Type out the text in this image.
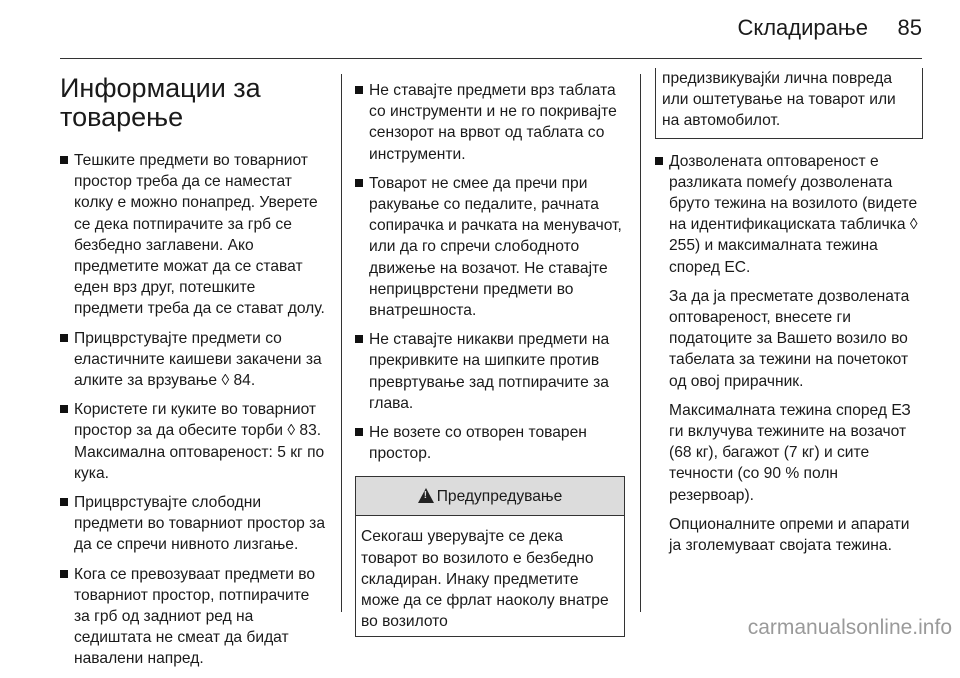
Складирање 85
Информации за товарење
Тешките предмети во товарниот простор треба да се наместат колку е можно понапред. Уверете се дека потпирачите за грб се безбедно заглавени. Ако предметите можат да се стават еден врз друг, потешките предмети треба да се стават долу.
Прицврстувајте предмети со еластичните каишеви закачени за алките за врзување ◊ 84.
Користете ги куките во товарниот простор за да обесите торби ◊ 83. Максимална оптовареност: 5 кг по кука.
Прицврстувајте слободни предмети во товарниот простор за да се спречи нивното лизгање.
Кога се превозуваат предмети во товарниот простор, потпирачите за грб од задниот ред на седиштата не смеат да бидат навалени напред.
Не ставајте предмети врз таблата со инструменти и не го покривајте сензорот на врвот од таблата со инструменти.
Товарот не смее да пречи при ракување со педалите, рачната сопирачка и рачката на менувачот, или да го спречи слободното движење на возачот. Не ставајте неприцврстени предмети во внатрешноста.
Не ставајте никакви предмети на прекривките на шипките против превртување зад потпирачите за глава.
Не возете со отворен товарен простор.
! Предупредување
Секогаш уверувајте се дека товарот во возилото е безбедно складиран. Инаку предметите може да се фрлат наоколу внатре во возилото
предизвикувајќи лична повреда или оштетување на товарот или на автомобилот.
Дозволената оптовареност е разликата помеѓу дозволената бруто тежина на возилото (видете на идентификациската табличка ◊ 255) и максималната тежина според ЕС.

За да ја пресметате дозволената оптовареност, внесете ги податоците за Вашето возило во табелата за тежини на почетокот од овој прирачник.

Максималната тежина според ЕЗ ги вклучува тежините на возачот (68 кг), багажот (7 кг) и сите течности (со 90 % полн резервоар).

Опционалните опреми и апарати ја зголемуваат својата тежина.

carmanualsonline.info
